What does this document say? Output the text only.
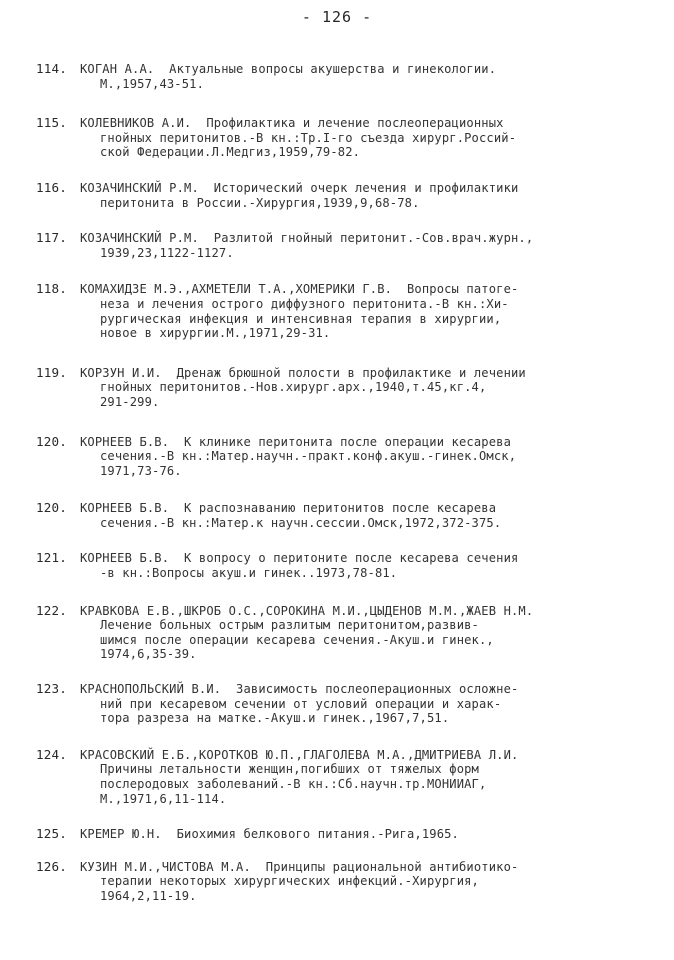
- 126 -
114. КОГАН А.А.  Актуальные вопросы акушерства и гинекологии.
М.,1957,43-51.
115. КОЛЕВНИКОВ А.И.  Профилактика и лечение послеоперационных
гнойных перитонитов.-В кн.:Тр.I-го съезда хирург.Россий-
ской Федерации.Л.Медгиз,1959,79-82.
116. КОЗАЧИНСКИЙ Р.М.  Исторический очерк лечения и профилактики
перитонита в России.-Хирургия,1939,9,68-78.
117. КОЗАЧИНСКИЙ Р.М.  Разлитой гнойный перитонит.-Сов.врач.журн.,
1939,23,1122-1127.
118. КОМАХИДЗЕ М.Э.,АХМЕТЕЛИ Т.А.,ХОМЕРИКИ Г.В.  Вопросы патоге-
неза и лечения острого диффузного перитонита.-В кн.:Хи-
рургическая инфекция и интенсивная терапия в хирургии,
новое в хирургии.М.,1971,29-31.
119. КОРЗУН И.И.  Дренаж брюшной полости в профилактике и лечении
гнойных перитонитов.-Нов.хирург.арх.,1940,т.45,кг.4,
291-299.
120. КОРНЕЕВ Б.В.  К клинике перитонита после операции кесарева
сечения.-В кн.:Матер.научн.-практ.конф.акуш.-гинек.Омск,
1971,73-76.
120. КОРНЕЕВ Б.В.  К распознаванию перитонитов после кесарева
сечения.-В кн.:Матер.к научн.сессии.Омск,1972,372-375.
121. КОРНЕЕВ Б.В.  К вопросу о перитоните после кесарева сечения
-в кн.:Вопросы акуш.и гинек..1973,78-81.
122. КРАВКОВА Е.В.,ШКРОБ О.С.,СОРОКИНА М.И.,ЦЫДЕНОВ М.М.,ЖАЕВ Н.М.
Лечение больных острым разлитым перитонитом,развив-
шимся после операции кесарева сечения.-Акуш.и гинек.,
1974,6,35-39.
123. КРАСНОПОЛЬСКИЙ В.И.  Зависимость послеоперационных осложне-
ний при кесаревом сечении от условий операции и харак-
тора разреза на матке.-Акуш.и гинек.,1967,7,51.
124. КРАСОВСКИЙ Е.Б.,КОРОТКОВ Ю.П.,ГЛАГОЛЕВА М.А.,ДМИТРИЕВА Л.И.
Причины летальности женщин,погибших от тяжелых форм
послеродовых заболеваний.-В кн.:Сб.научн.тр.МОНИИАГ,
М.,1971,6,11-114.
125. КРЕМЕР Ю.Н.  Биохимия белкового питания.-Рига,1965.
126. КУЗИН М.И.,ЧИСТОВА М.А.  Принципы рациональной антибиотико-
терапии некоторых хирургических инфекций.-Хирургия,
1964,2,11-19.
